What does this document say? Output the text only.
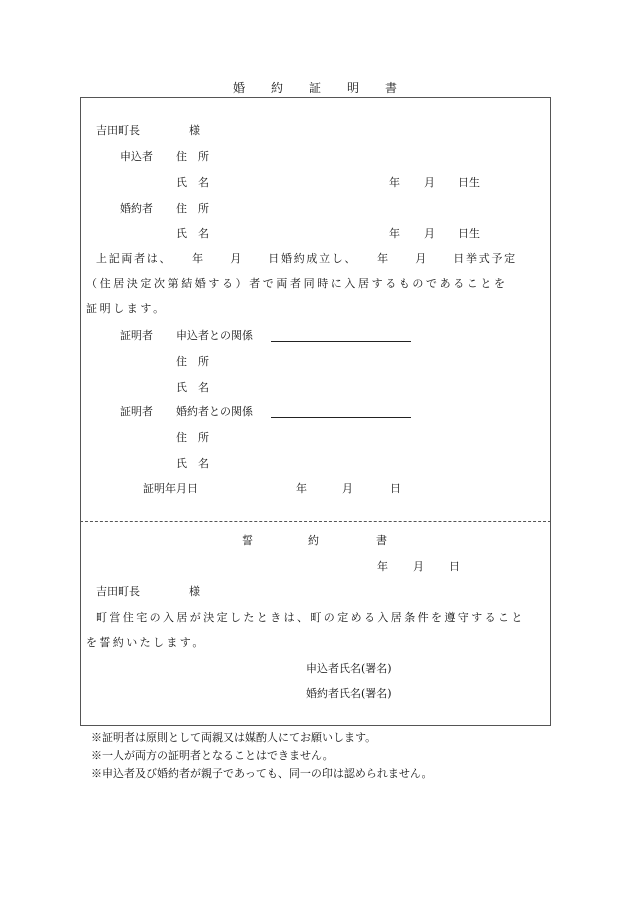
婚 約 証 明 書
吉田町長	様
申込者 住　所
氏　名	年 月 日生
婚約者 住　所
氏　名	年 月 日生
上記両者は、　　年　　月　　日婚約成立し、　　年　　月　　日挙式予定
（住居決定次第結婚する）者で両者同時に入居するものであることを
証明します。
証明者 申込者との関係
住　所
氏　名
証明者 婚約者との関係
住　所
氏　名
証明年月日	年	月	日
誓	約	書
年 月 日
吉田町長	様
町営住宅の入居が決定したときは、町の定める入居条件を遵守すること
を誓約いたします。
申込者氏名(署名)
婚約者氏名(署名)
※証明者は原則として両親又は媒酌人にてお願いします。
※一人が両方の証明者となることはできません。
※申込者及び婚約者が親子であっても、同一の印は認められません。
